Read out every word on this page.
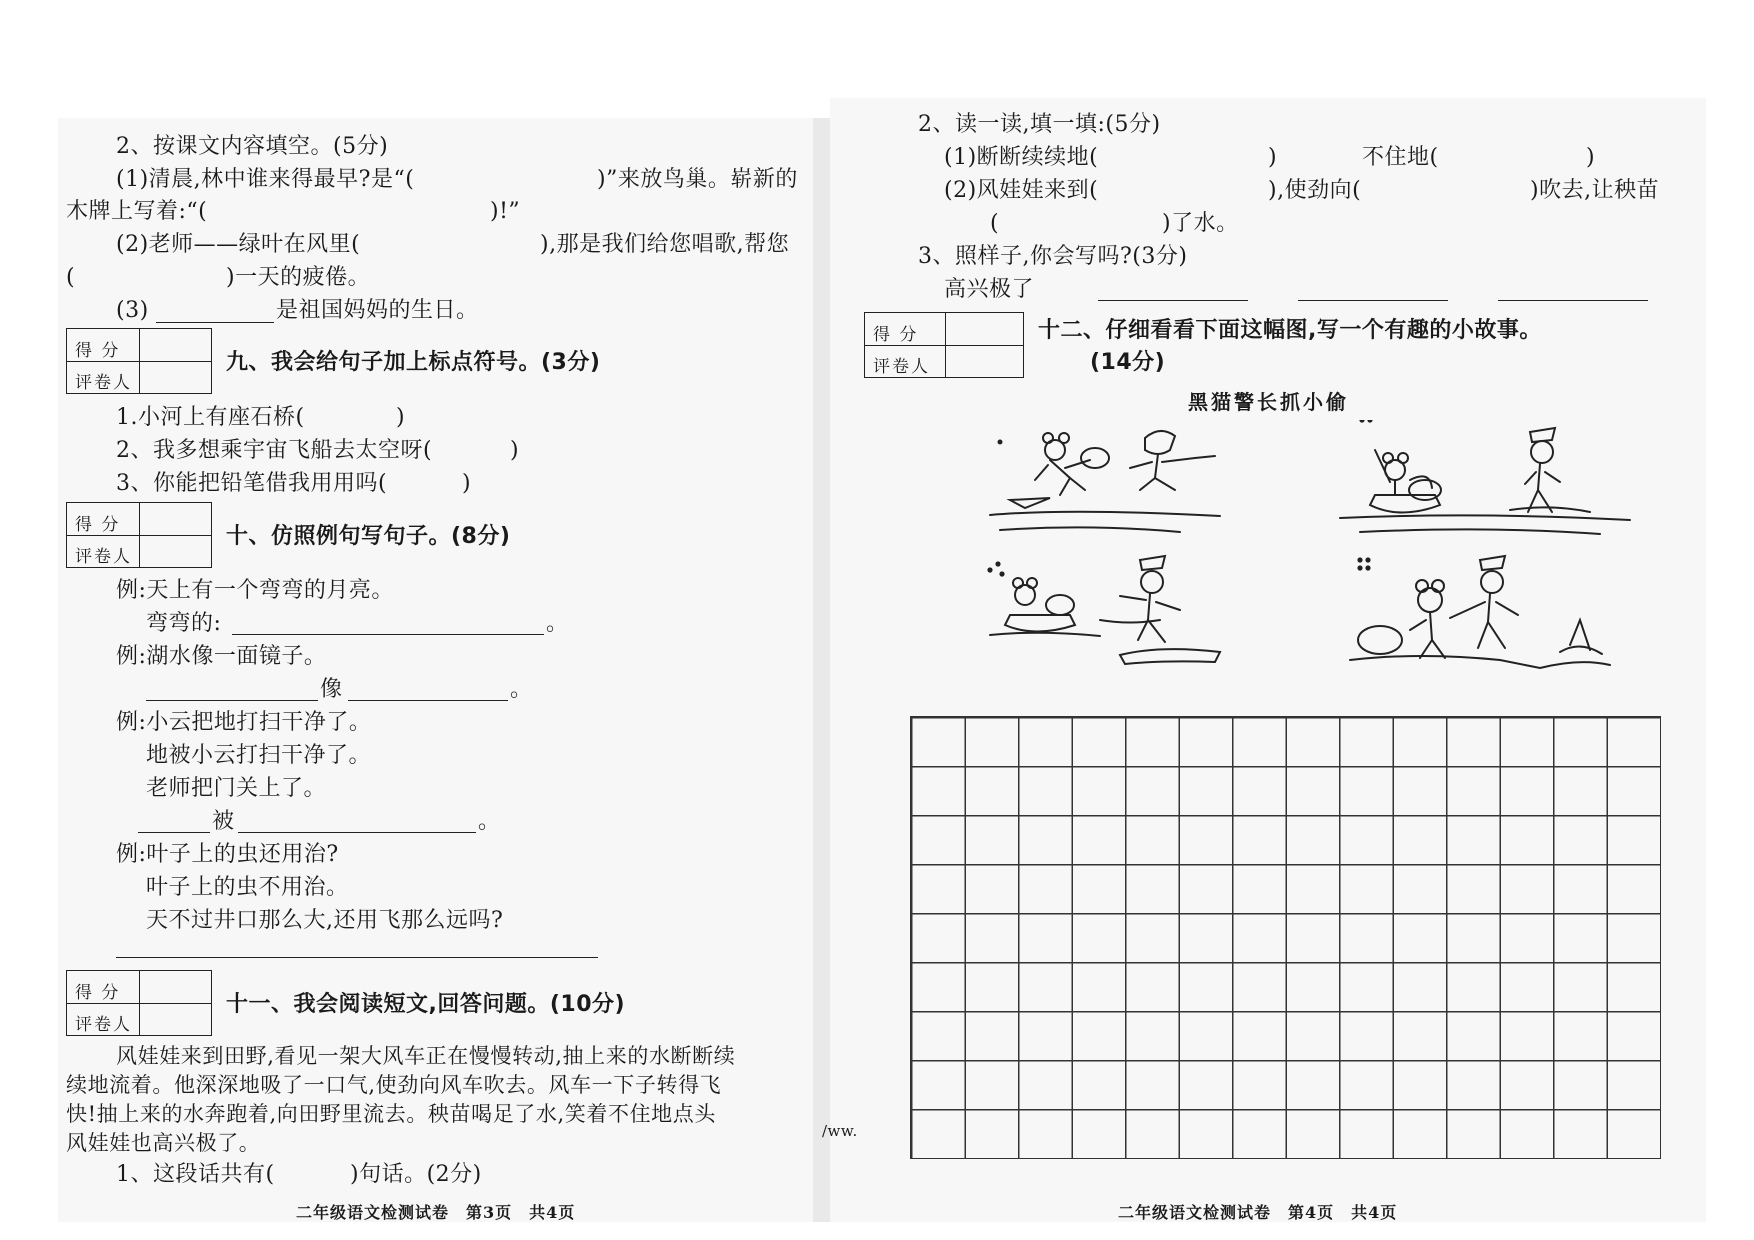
2、按课文内容填空。(5分)
(1)清晨,林中谁来得最早?是“(	)”来放鸟巢。崭新的
木牌上写着:“(	)!”
(2)老师——绿叶在风里(	),那是我们给您唱歌,帮您
(	)一天的疲倦。
(3)	是祖国妈妈的生日。
得 分
评卷人
九、我会给句子加上标点符号。(3分)
1.小河上有座石桥(	)
2、我多想乘宇宙飞船去太空呀(	)
3、你能把铅笔借我用用吗(	)
得 分
评卷人
十、仿照例句写句子。(8分)
例:天上有一个弯弯的月亮。
弯弯的:	。
例:湖水像一面镜子。
像	。
例:小云把地打扫干净了。
地被小云打扫干净了。
老师把门关上了。
被	。
例:叶子上的虫还用治?
叶子上的虫不用治。
天不过井口那么大,还用飞那么远吗?
得 分
评卷人
十一、我会阅读短文,回答问题。(10分)
风娃娃来到田野,看见一架大风车正在慢慢转动,抽上来的水断断续
续地流着。他深深地吸了一口气,使劲向风车吹去。风车一下子转得飞
快!抽上来的水奔跑着,向田野里流去。秧苗喝足了水,笑着不住地点头
风娃娃也高兴极了。
1、这段话共有(	)句话。(2分)
二年级语文检测试卷　第3页　共4页
/ww.
2、读一读,填一填:(5分)
(1)断断续续地(	)	不住地(	)
(2)风娃娃来到(	),使劲向(	)吹去,让秧苗
(	)了水。
3、照样子,你会写吗?(3分)
高兴极了
得 分
评卷人
十二、仔细看看下面这幅图,写一个有趣的小故事。
(14分)
黑猫警长抓小偷
二年级语文检测试卷　第4页　共4页
